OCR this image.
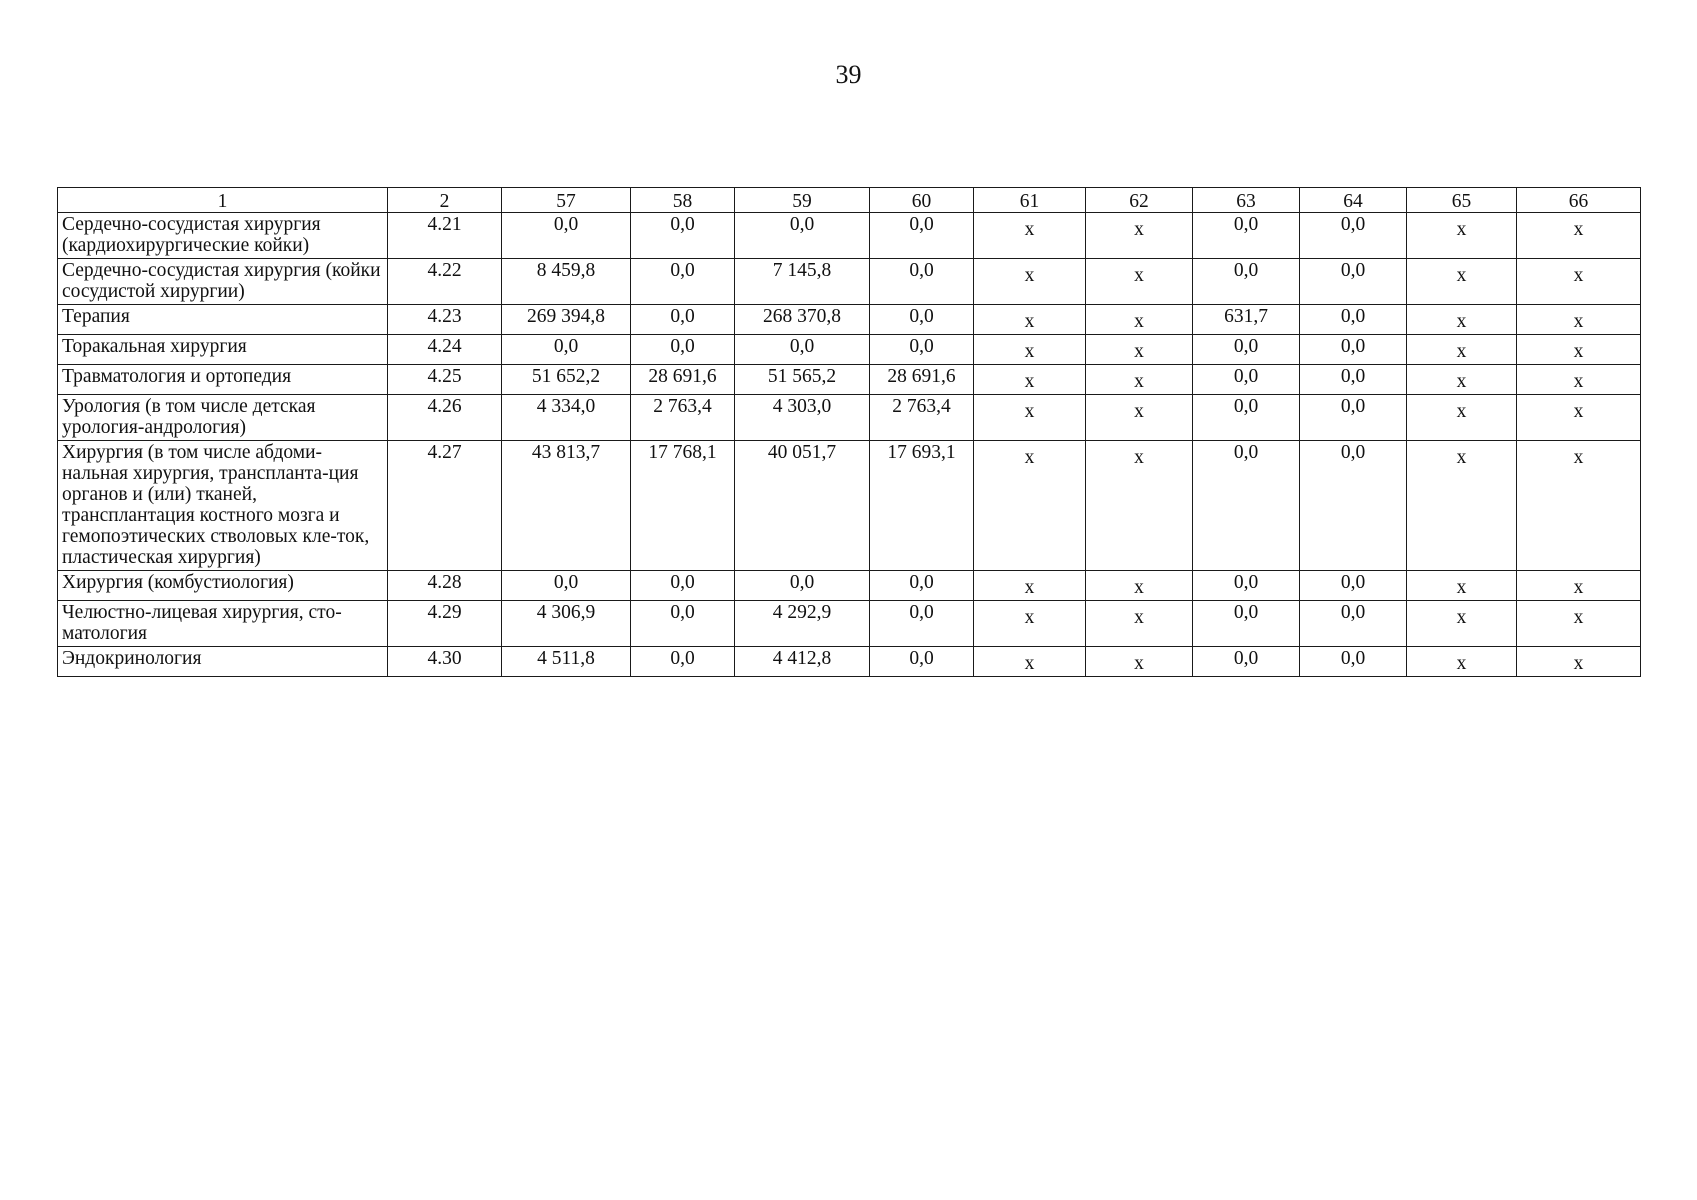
39
1	2	57	58	59	60	61	62	63	64	65	66
Сердечно-сосудистая хирургия (кардиохирургические койки)	4.21	0,0	0,0	0,0	0,0	х	х	0,0	0,0	х	х
Сердечно-сосудистая хирургия (койки сосудистой хирургии)	4.22	8 459,8	0,0	7 145,8	0,0	х	х	0,0	0,0	х	х
Терапия	4.23	269 394,8	0,0	268 370,8	0,0	х	х	631,7	0,0	х	х
Торакальная хирургия	4.24	0,0	0,0	0,0	0,0	х	х	0,0	0,0	х	х
Травматология и ортопедия	4.25	51 652,2	28 691,6	51 565,2	28 691,6	х	х	0,0	0,0	х	х
Урология (в том числе детская урология-андрология)	4.26	4 334,0	2 763,4	4 303,0	2 763,4	х	х	0,0	0,0	х	х
Хирургия (в том числе абдоми-нальная хирургия, транспланта-ция органов и (или) тканей, трансплантация костного мозга и гемопоэтических стволовых кле-ток, пластическая хирургия)	4.27	43 813,7	17 768,1	40 051,7	17 693,1	х	х	0,0	0,0	х	х
Хирургия (комбустиология)	4.28	0,0	0,0	0,0	0,0	х	х	0,0	0,0	х	х
Челюстно-лицевая хирургия, сто-матология	4.29	4 306,9	0,0	4 292,9	0,0	х	х	0,0	0,0	х	х
Эндокринология	4.30	4 511,8	0,0	4 412,8	0,0	х	х	0,0	0,0	х	х
